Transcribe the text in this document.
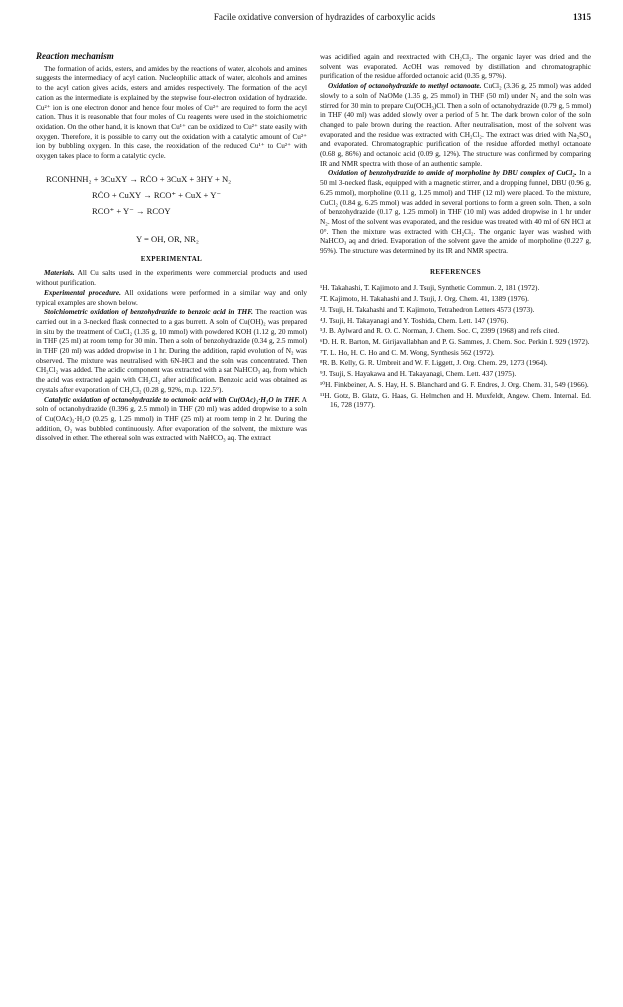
Facile oxidative conversion of hydrazides of carboxylic acids	1315
Reaction mechanism

The formation of acids, esters, and amides by the reactions of water, alcohols and amines suggests the intermediacy of acyl cation. Nucleophilic attack of water, alcohols and amines to the acyl cation gives acids, esters and amides respectively. The formation of the acyl cation as the intermediate is explained by the stepwise four-electron oxidation of hydrazide. Cu²⁺ ion is one electron donor and hence four moles of Cu²⁺ are required to form the acyl cation. Thus it is reasonable that four moles of Cu reagents were used in the stoichiometric oxidation. On the other hand, it is known that Cu¹⁺ can be oxidized to Cu²⁺ state easily with oxygen. Therefore, it is possible to carry out the oxidation with a catalytic amount of Cu²⁺ ion by bubbling oxygen. In this case, the reoxidation of the reduced Cu¹⁺ to Cu²⁺ with oxygen takes place to form a catalytic cycle.

RCONHNH₂ + 3CuXY → RĊO + 3CuX + 3HY + N₂
RĊO + CuXY → RCO⁺ + CuX + Y⁻
RCO⁺ + Y⁻ → RCOY
Y = OH, OR, NR₂
EXPERIMENTAL

Materials. All Cu salts used in the experiments were commercial products and used without purification.

Experimental procedure. All oxidations were performed in a similar way and only typical examples are shown below.

Stoichiometric oxidation of benzohydrazide to benzoic acid in THF. The reaction was carried out in a 3-necked flask connected to a gas burrett. A soln of Cu(OH)₂ was prepared in situ by the treatment of CuCl₂ (1.35 g, 10 mmol) with powdered KOH (1.12 g, 20 mmol) in THF (25 ml) at room temp for 30 min. Then a soln of benzohydrazide (0.34 g, 2.5 mmol) in THF (20 ml) was added dropwise in 1 hr. During the addition, rapid evolution of N₂ was observed. The mixture was neutralised with 6N-HCl and the soln was concentrated. Then CH₂Cl₂ was added. The acidic component was extracted with a sat NaHCO₃ aq, from which the acid was extracted again with CH₂Cl₂ after acidification. Benzoic acid was obtained as crystals after evaporation of CH₂Cl₂ (0.28 g, 92%, m.p. 122.5°).

Catalytic oxidation of octanohydrazide to octanoic acid with Cu(OAc)₂·H₂O in THF. A soln of octanohydrazide (0.396 g, 2.5 mmol) in THF (20 ml) was added dropwise to a soln of Cu(OAc)₂·H₂O (0.25 g, 1.25 mmol) in THF (25 ml) at room temp in 2 hr. During the addition, O₂ was bubbled continuously. After evaporation of the solvent, the mixture was dissolved in ether. The ethereal soln was extracted with NaHCO₃ aq. The extract

was acidified again and reextracted with CH₂Cl₂. The organic layer was dried and the solvent was evaporated. AcOH was removed by distillation and chromatographic purification of the residue afforded octanoic acid (0.35 g, 97%).

Oxidation of octanohydrazide to methyl octanoate. CuCl₂ (3.36 g, 25 mmol) was added slowly to a soln of NaOMe (1.35 g, 25 mmol) in THF (50 ml) under N₂ and the soln was stirred for 30 min to prepare Cu(OCH₃)Cl. Then a soln of octanohydrazide (0.79 g, 5 mmol) in THF (40 ml) was added slowly over a period of 5 hr. The dark brown color of the soln changed to pale brown during the reaction. After neutralisation, most of the solvent was evaporated and the residue was extracted with CH₂Cl₂. The extract was dried with Na₂SO₄ and evaporated. Chromatographic purification of the residue afforded methyl octanoate (0.68 g, 86%) and octanoic acid (0.09 g, 12%). The structure was confirmed by comparing IR and NMR spectra with those of an authentic sample.

Oxidation of benzohydrazide to amide of morpholine by DBU complex of CuCl₂. In a 50 ml 3-necked flask, equipped with a magnetic stirrer, and a dropping funnel, DBU (0.96 g, 6.25 mmol), morpholine (0.11 g, 1.25 mmol) and THF (12 ml) were placed. To the mixture, CuCl₂ (0.84 g, 6.25 mmol) was added in several portions to form a green soln. Then, a soln of benzohydrazide (0.17 g, 1.25 mmol) in THF (10 ml) was added dropwise in 1 hr under N₂. Most of the solvent was evaporated, and the residue was treated with 40 ml of 6N HCl at 0°. Then the mixture was extracted with CH₂Cl₂. The organic layer was washed with NaHCO₃ aq and dried. Evaporation of the solvent gave the amide of morpholine (0.227 g, 95%). The structure was determined by its IR and NMR spectra.

REFERENCES
¹H. Takahashi, T. Kajimoto and J. Tsuji, Synthetic Commun. 2, 181 (1972).
²T. Kajimoto, H. Takahashi and J. Tsuji, J. Org. Chem. 41, 1389 (1976).
³J. Tsuji, H. Takahashi and T. Kajimoto, Tetrahedron Letters 4573 (1973).
⁴J. Tsuji, H. Takayanagi and Y. Toshida, Chem. Lett. 147 (1976).
⁵J. B. Aylward and R. O. C. Norman, J. Chem. Soc. C, 2399 (1968) and refs cited.
⁶D. H. R. Barton, M. Girijavallabhan and P. G. Sammes, J. Chem. Soc. Perkin I. 929 (1972).
⁷T. L. Ho, H. C. Ho and C. M. Wong, Synthesis 562 (1972).
⁸R. B. Kelly, G. R. Umbreit and W. F. Liggett, J. Org. Chem. 29, 1273 (1964).
⁹J. Tsuji, S. Hayakawa and H. Takayanagi, Chem. Lett. 437 (1975).
¹⁰H. Finkbeiner, A. S. Hay, H. S. Blanchard and G. F. Endres, J. Org. Chem. 31, 549 (1966).
¹¹H. Gotz, B. Glatz, G. Haas, G. Helmchen and H. Muxfeldt, Angew. Chem. Internal. Ed. 16, 728 (1977).
